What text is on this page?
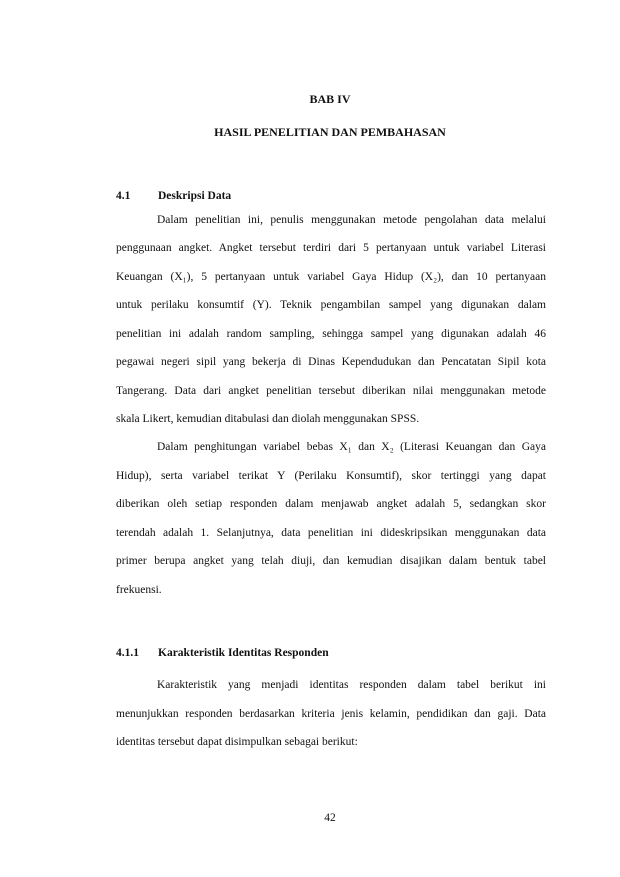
BAB IV
HASIL PENELITIAN DAN PEMBAHASAN
4.1 Deskripsi Data
Dalam penelitian ini, penulis menggunakan metode pengolahan data melalui
penggunaan angket. Angket tersebut terdiri dari 5 pertanyaan untuk variabel Literasi
Keuangan (X₁), 5 pertanyaan untuk variabel Gaya Hidup (X₂), dan 10 pertanyaan
untuk perilaku konsumtif (Y). Teknik pengambilan sampel yang digunakan dalam
penelitian ini adalah random sampling, sehingga sampel yang digunakan adalah 46
pegawai negeri sipil yang bekerja di Dinas Kependudukan dan Pencatatan Sipil kota
Tangerang. Data dari angket penelitian tersebut diberikan nilai menggunakan metode
skala Likert, kemudian ditabulasi dan diolah menggunakan SPSS.
Dalam penghitungan variabel bebas X₁ dan X₂ (Literasi Keuangan dan Gaya
Hidup), serta variabel terikat Y (Perilaku Konsumtif), skor tertinggi yang dapat
diberikan oleh setiap responden dalam menjawab angket adalah 5, sedangkan skor
terendah adalah 1. Selanjutnya, data penelitian ini dideskripsikan menggunakan data
primer berupa angket yang telah diuji, dan kemudian disajikan dalam bentuk tabel
frekuensi.
4.1.1 Karakteristik Identitas Responden
Karakteristik yang menjadi identitas responden dalam tabel berikut ini
menunjukkan responden berdasarkan kriteria jenis kelamin, pendidikan dan gaji. Data
identitas tersebut dapat disimpulkan sebagai berikut:
42
